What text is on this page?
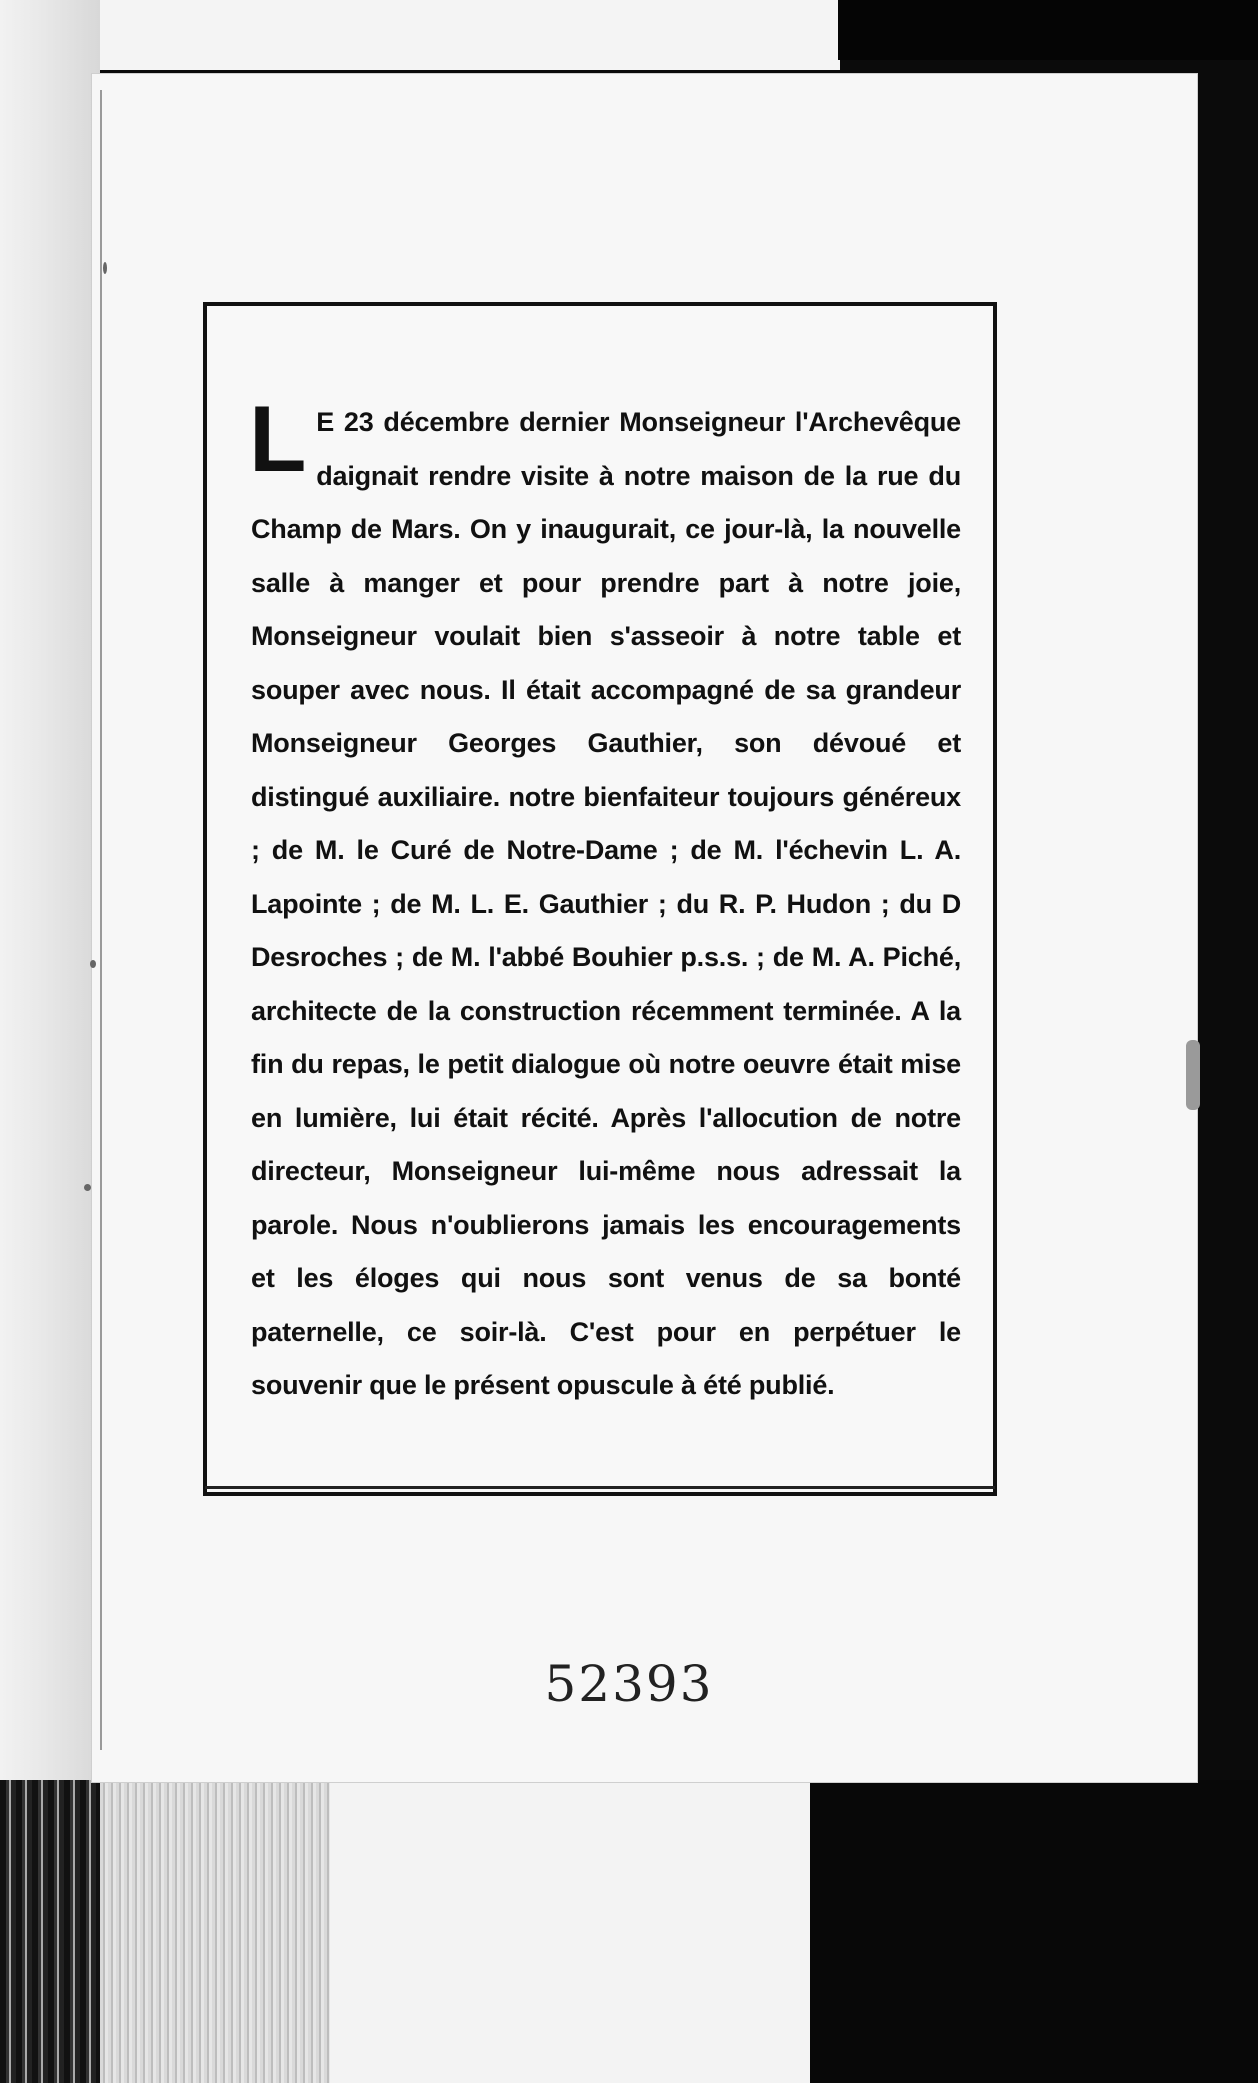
L E 23 décembre dernier Monseigneur l'Archevêque daignait rendre visite à notre maison de la rue du Champ de Mars. On y inaugurait, ce jour-là, la nouvelle salle à manger et pour prendre part à notre joie, Monseigneur voulait bien s'asseoir à notre table et souper avec nous. Il était accompagné de sa grandeur Monseigneur Georges Gauthier, son dévoué et distingué auxiliaire. notre bienfaiteur toujours généreux ; de M. le Curé de Notre-Dame ; de M. l'échevin L. A. Lapointe ; de M. L. E. Gauthier ; du R. P. Hudon ; du D Desroches ; de M. l'abbé Bouhier p.s.s. ; de M. A. Piché, architecte de la construction récemment terminée. A la fin du repas, le petit dialogue où notre oeuvre était mise en lumière, lui était récité. Après l'allocution de notre directeur, Monseigneur lui-même nous adressait la parole. Nous n'oublierons jamais les encouragements et les éloges qui nous sont venus de sa bonté paternelle, ce soir-là. C'est pour en perpétuer le souvenir que le présent opuscule à été publié.
52393
